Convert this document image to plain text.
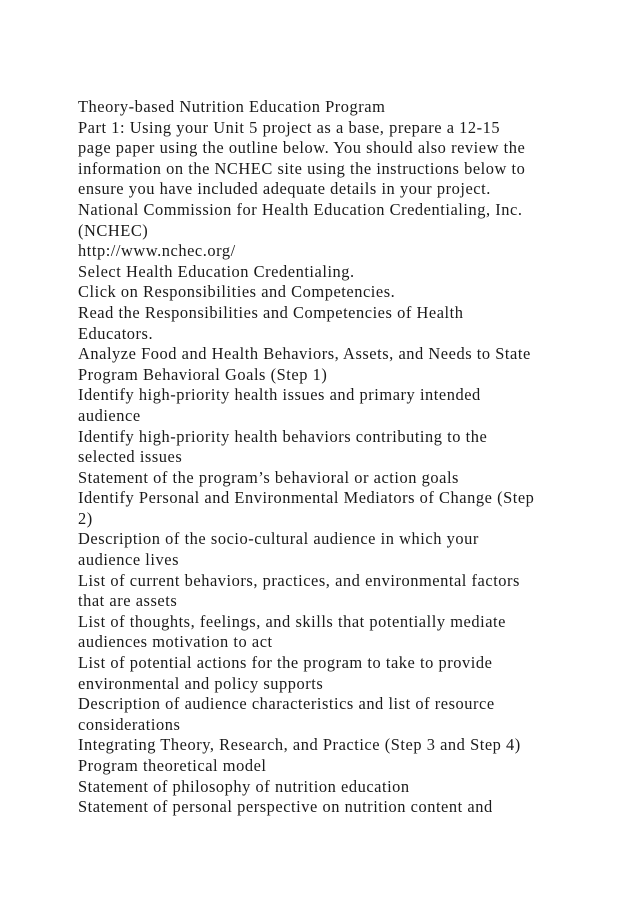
Theory-based Nutrition Education Program
Part 1: Using your Unit 5 project as a base, prepare a 12-15
page paper using the outline below. You should also review the
information on the NCHEC site using the instructions below to
ensure you have included adequate details in your project.
National Commission for Health Education Credentialing, Inc.
(NCHEC)
http://www.nchec.org/
Select Health Education Credentialing.
Click on Responsibilities and Competencies.
Read the Responsibilities and Competencies of Health
Educators.
Analyze Food and Health Behaviors, Assets, and Needs to State
Program Behavioral Goals (Step 1)
Identify high-priority health issues and primary intended
audience
Identify high-priority health behaviors contributing to the
selected issues
Statement of the program’s behavioral or action goals
Identify Personal and Environmental Mediators of Change (Step
2)
Description of the socio-cultural audience in which your
audience lives
List of current behaviors, practices, and environmental factors
that are assets
List of thoughts, feelings, and skills that potentially mediate
audiences motivation to act
List of potential actions for the program to take to provide
environmental and policy supports
Description of audience characteristics and list of resource
considerations
Integrating Theory, Research, and Practice (Step 3 and Step 4)
Program theoretical model
Statement of philosophy of nutrition education
Statement of personal perspective on nutrition content and
